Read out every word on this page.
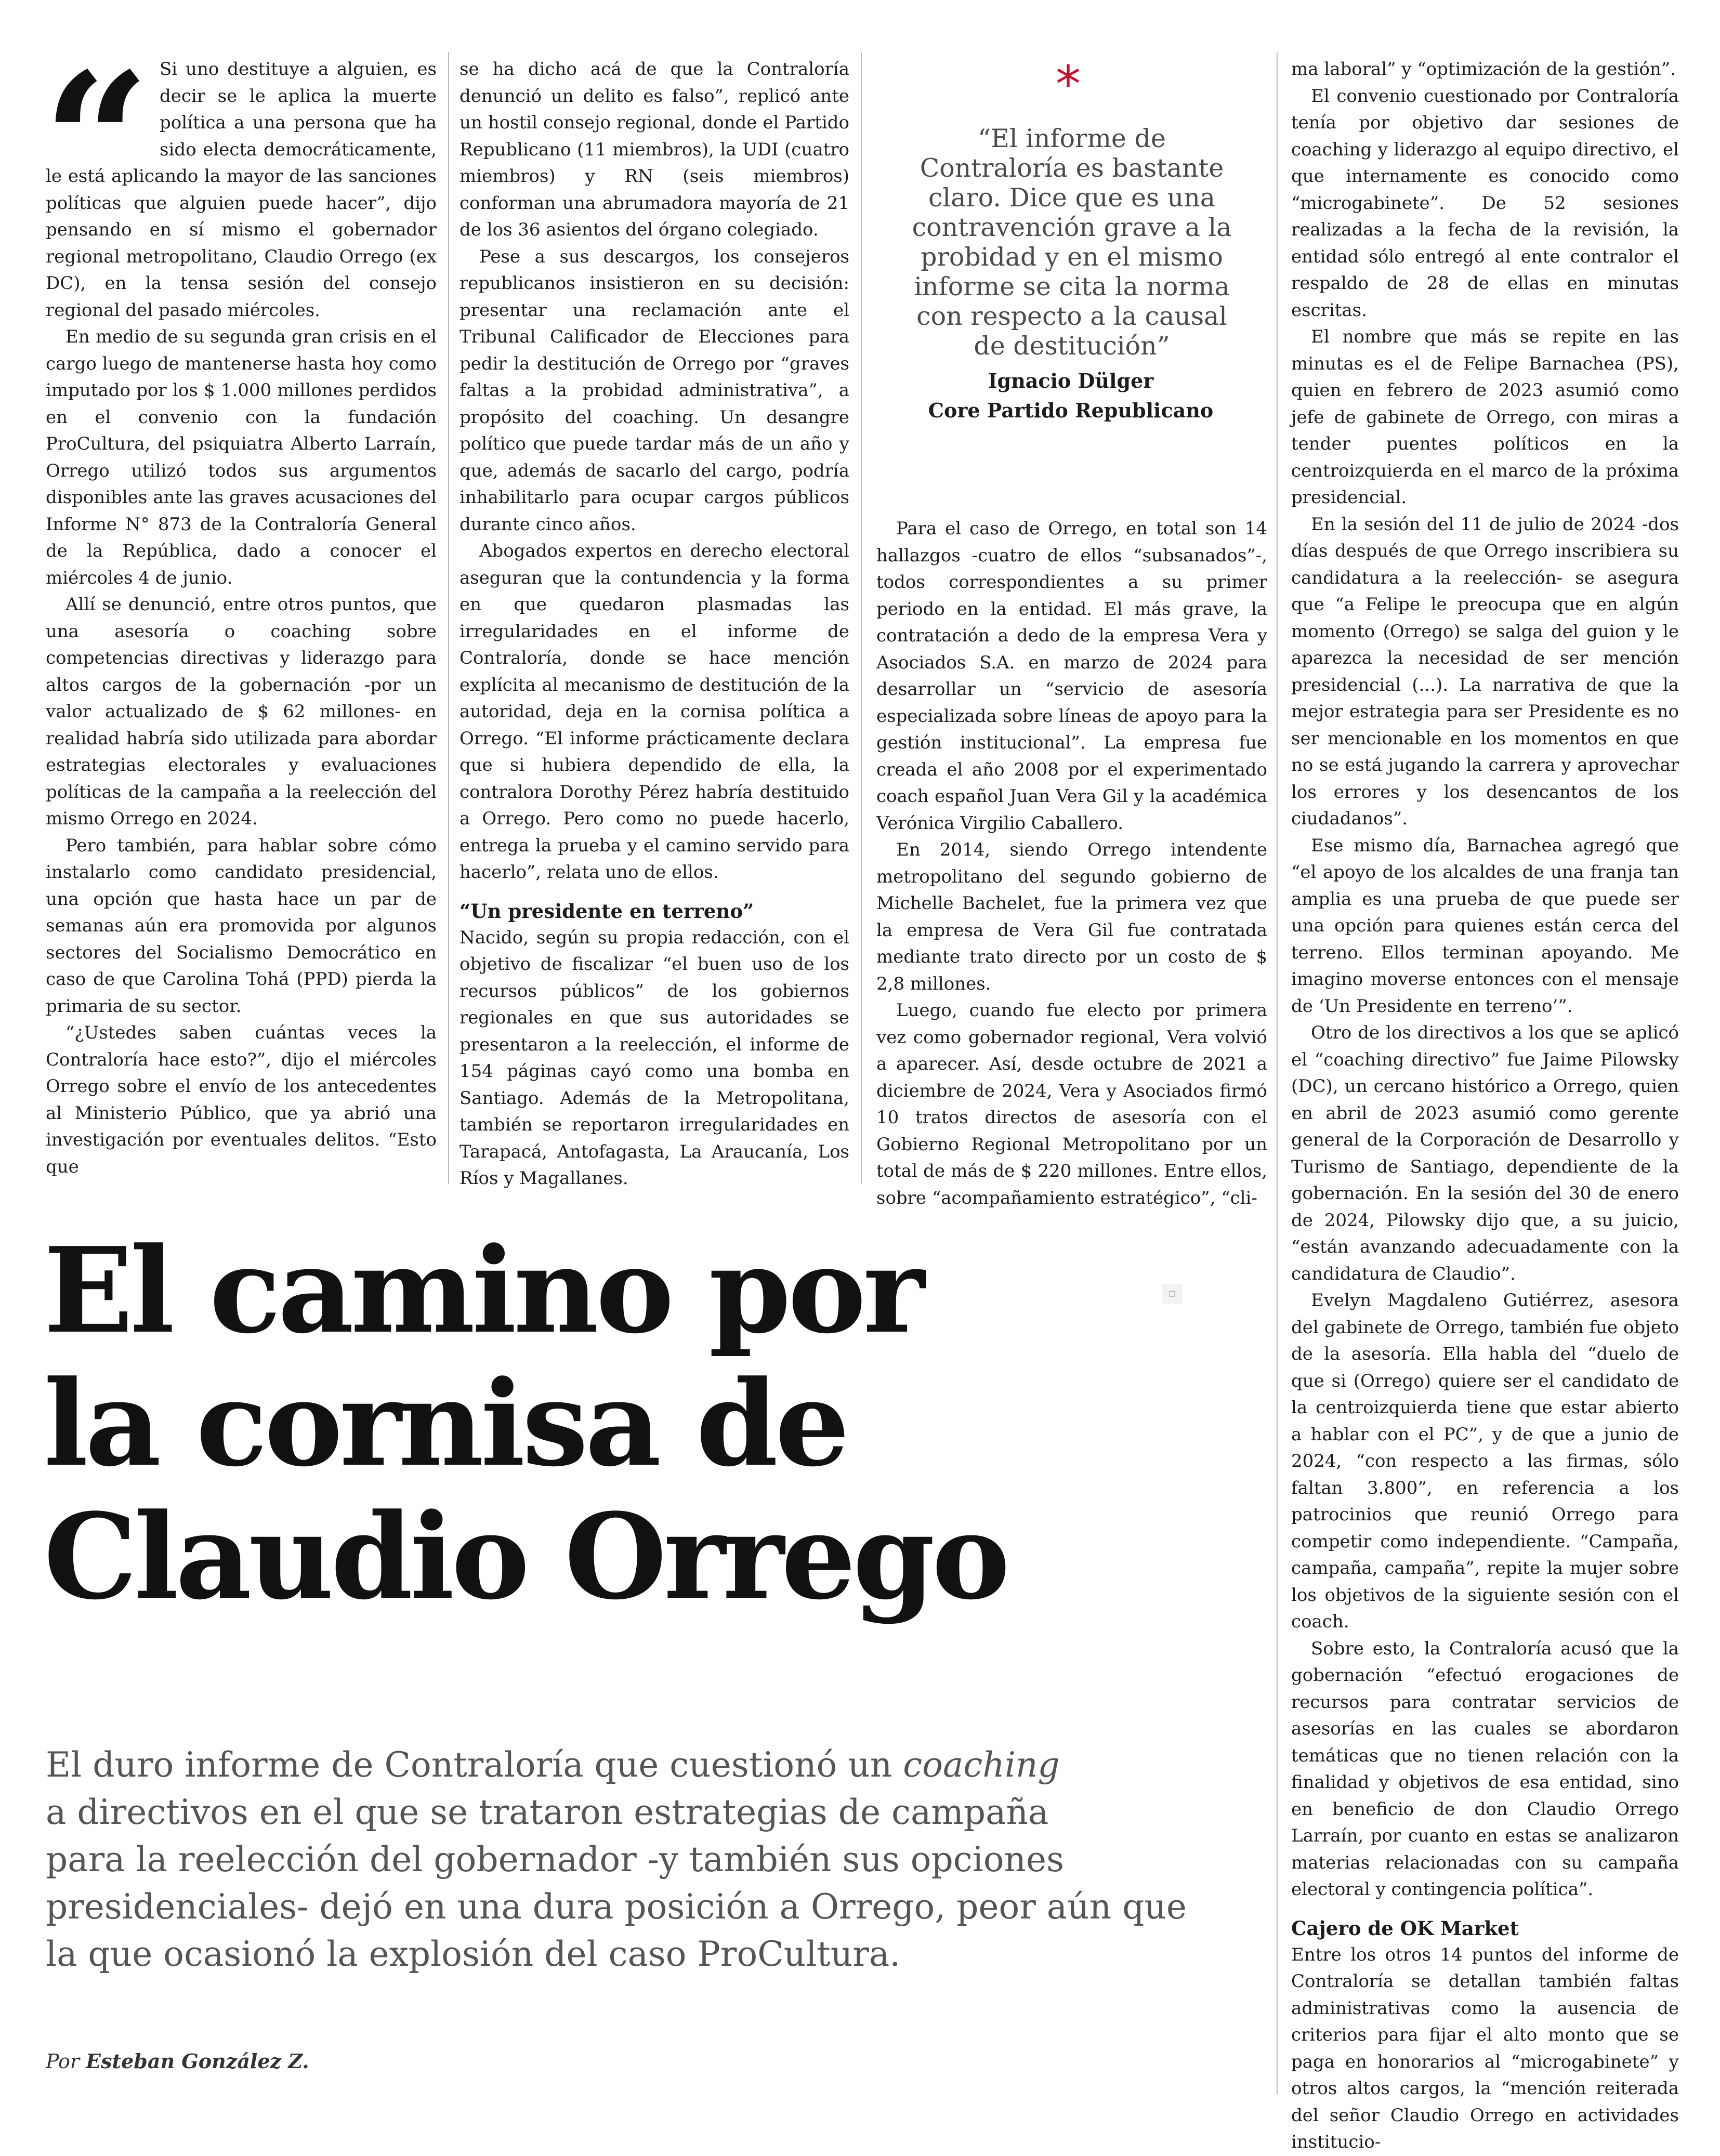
“ Si uno destituye a alguien, es decir se le aplica la muerte política a una persona que ha sido electa democráticamente, le está aplicando la mayor de las sanciones políticas que alguien puede hacer”, dijo pensando en sí mismo el gobernador regional metropolitano, Claudio Orrego (ex DC), en la tensa sesión del consejo regional del pasado miércoles.

En medio de su segunda gran crisis en el cargo luego de mantenerse hasta hoy como imputado por los $ 1.000 millones perdidos en el convenio con la fundación ProCultura, del psiquiatra Alberto Larraín, Orrego utilizó todos sus argumentos disponibles ante las graves acusaciones del Informe N° 873 de la Contraloría General de la República, dado a conocer el miércoles 4 de junio.

Allí se denunció, entre otros puntos, que una asesoría o coaching sobre competencias directivas y liderazgo para altos cargos de la gobernación -por un valor actualizado de $ 62 millones- en realidad habría sido utilizada para abordar estrategias electorales y evaluaciones políticas de la campaña a la reelección del mismo Orrego en 2024.

Pero también, para hablar sobre cómo instalarlo como candidato presidencial, una opción que hasta hace un par de semanas aún era promovida por algunos sectores del Socialismo Democrático en caso de que Carolina Tohá (PPD) pierda la primaria de su sector.

“¿Ustedes saben cuántas veces la Contraloría hace esto?”, dijo el miércoles Orrego sobre el envío de los antecedentes al Ministerio Público, que ya abrió una investigación por eventuales delitos. “Esto que

se ha dicho acá de que la Contraloría denunció un delito es falso”, replicó ante un hostil consejo regional, donde el Partido Republicano (11 miembros), la UDI (cuatro miembros) y RN (seis miembros) conforman una abrumadora mayoría de 21 de los 36 asientos del órgano colegiado.

Pese a sus descargos, los consejeros republicanos insistieron en su decisión: presentar una reclamación ante el Tribunal Calificador de Elecciones para pedir la destitución de Orrego por “graves faltas a la probidad administrativa”, a propósito del coaching. Un desangre político que puede tardar más de un año y que, además de sacarlo del cargo, podría inhabilitarlo para ocupar cargos públicos durante cinco años.

Abogados expertos en derecho electoral aseguran que la contundencia y la forma en que quedaron plasmadas las irregularidades en el informe de Contraloría, donde se hace mención explícita al mecanismo de destitución de la autoridad, deja en la cornisa política a Orrego. “El informe prácticamente declara que si hubiera dependido de ella, la contralora Dorothy Pérez habría destituido a Orrego. Pero como no puede hacerlo, entrega la prueba y el camino servido para hacerlo”, relata uno de ellos.

“Un presidente en terreno”

Nacido, según su propia redacción, con el objetivo de fiscalizar “el buen uso de los recursos públicos” de los gobiernos regionales en que sus autoridades se presentaron a la reelección, el informe de 154 páginas cayó como una bomba en Santiago. Además de la Metropolitana, también se reportaron irregularidades en Tarapacá, Antofagasta, La Araucanía, Los Ríos y Magallanes.

*
“El informe de Contraloría es bastante claro. Dice que es una contravención grave a la probidad y en el mismo informe se cita la norma con respecto a la causal de destitución”
Ignacio Dülger
Core Partido Republicano

Para el caso de Orrego, en total son 14 hallazgos -cuatro de ellos “subsanados”-, todos correspondientes a su primer periodo en la entidad. El más grave, la contratación a dedo de la empresa Vera y Asociados S.A. en marzo de 2024 para desarrollar un “servicio de asesoría especializada sobre líneas de apoyo para la gestión institucional”. La empresa fue creada el año 2008 por el experimentado coach español Juan Vera Gil y la académica Verónica Virgilio Caballero.

En 2014, siendo Orrego intendente metropolitano del segundo gobierno de Michelle Bachelet, fue la primera vez que la empresa de Vera Gil fue contratada mediante trato directo por un costo de $ 2,8 millones.

Luego, cuando fue electo por primera vez como gobernador regional, Vera volvió a aparecer. Así, desde octubre de 2021 a diciembre de 2024, Vera y Asociados firmó 10 tratos directos de asesoría con el Gobierno Regional Metropolitano por un total de más de $ 220 millones. Entre ellos, sobre “acompañamiento estratégico”, “cli-

ma laboral” y “optimización de la gestión”.

El convenio cuestionado por Contraloría tenía por objetivo dar sesiones de coaching y liderazgo al equipo directivo, el que internamente es conocido como “microgabinete”. De 52 sesiones realizadas a la fecha de la revisión, la entidad sólo entregó al ente contralor el respaldo de 28 de ellas en minutas escritas.

El nombre que más se repite en las minutas es el de Felipe Barnachea (PS), quien en febrero de 2023 asumió como jefe de gabinete de Orrego, con miras a tender puentes políticos en la centroizquierda en el marco de la próxima presidencial.

En la sesión del 11 de julio de 2024 -dos días después de que Orrego inscribiera su candidatura a la reelección- se asegura que “a Felipe le preocupa que en algún momento (Orrego) se salga del guion y le aparezca la necesidad de ser mención presidencial (...). La narrativa de que la mejor estrategia para ser Presidente es no ser mencionable en los momentos en que no se está jugando la carrera y aprovechar los errores y los desencantos de los ciudadanos”.

Ese mismo día, Barnachea agregó que “el apoyo de los alcaldes de una franja tan amplia es una prueba de que puede ser una opción para quienes están cerca del terreno. Ellos terminan apoyando. Me imagino moverse entonces con el mensaje de ‘Un Presidente en terreno’”.

Otro de los directivos a los que se aplicó el “coaching directivo” fue Jaime Pilowsky (DC), un cercano histórico a Orrego, quien en abril de 2023 asumió como gerente general de la Corporación de Desarrollo y Turismo de Santiago, dependiente de la gobernación. En la sesión del 30 de enero de 2024, Pilowsky dijo que, a su juicio, “están avanzando adecuadamente con la candidatura de Claudio”.

Evelyn Magdaleno Gutiérrez, asesora del gabinete de Orrego, también fue objeto de la asesoría. Ella habla del “duelo de que si (Orrego) quiere ser el candidato de la centroizquierda tiene que estar abierto a hablar con el PC”, y de que a junio de 2024, “con respecto a las firmas, sólo faltan 3.800”, en referencia a los patrocinios que reunió Orrego para competir como independiente. “Campaña, campaña, campaña”, repite la mujer sobre los objetivos de la siguiente sesión con el coach.

Sobre esto, la Contraloría acusó que la gobernación “efectuó erogaciones de recursos para contratar servicios de asesorías en las cuales se abordaron temáticas que no tienen relación con la finalidad y objetivos de esa entidad, sino en beneficio de don Claudio Orrego Larraín, por cuanto en estas se analizaron materias relacionadas con su campaña electoral y contingencia política”.

Cajero de OK Market

Entre los otros 14 puntos del informe de Contraloría se detallan también faltas administrativas como la ausencia de criterios para fijar el alto monto que se paga en honorarios al “microgabinete” y otros altos cargos, la “mención reiterada del señor Claudio Orrego en actividades institucio-

El camino por
la cornisa de
Claudio Orrego
▫
El duro informe de Contraloría que cuestionó un coaching
a directivos en el que se trataron estrategias de campaña
para la reelección del gobernador -y también sus opciones
presidenciales- dejó en una dura posición a Orrego, peor aún que
la que ocasionó la explosión del caso ProCultura.
Por Esteban González Z.
